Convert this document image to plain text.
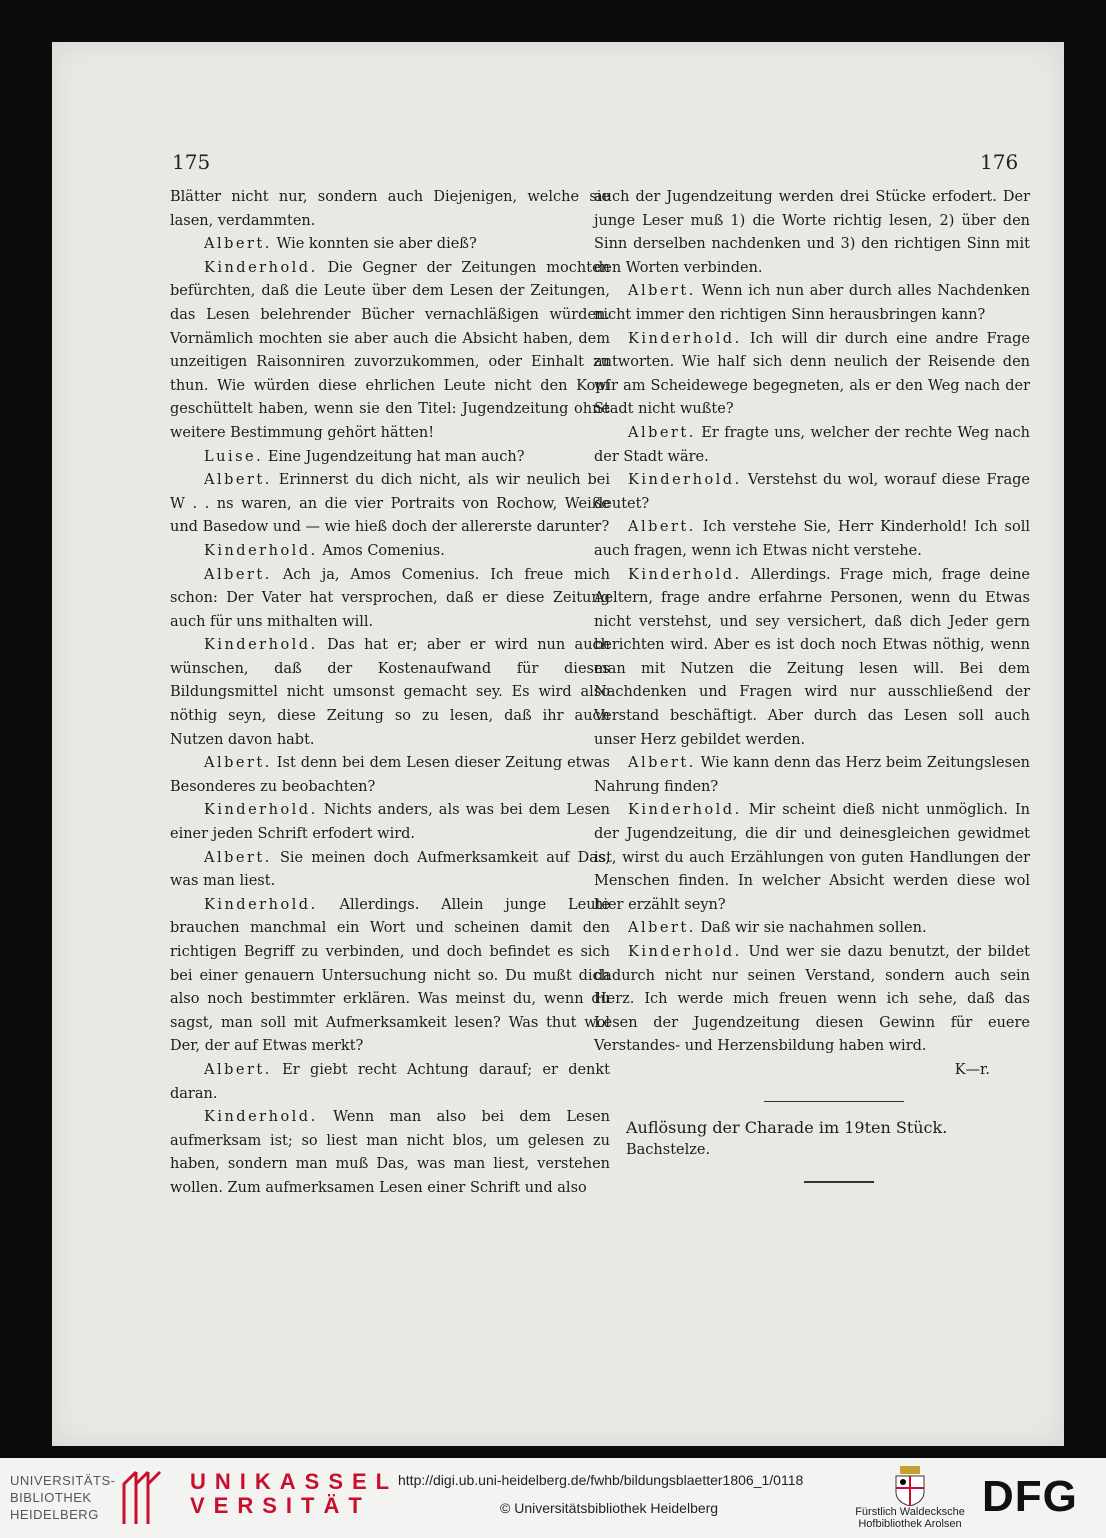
175	176

Blätter nicht nur, sondern auch Diejenigen, welche sie lasen, verdammten.

Albert. Wie konnten sie aber dieß?

Kinderhold. Die Gegner der Zeitungen mochten befürchten, daß die Leute über dem Lesen der Zeitungen, das Lesen belehrender Bücher vernachläßigen würden. Vornämlich mochten sie aber auch die Absicht haben, dem unzeitigen Raisonniren zuvorzukommen, oder Einhalt zu thun. Wie würden diese ehrlichen Leute nicht den Kopf geschüttelt haben, wenn sie den Titel: Jugendzeitung ohne weitere Bestimmung gehört hätten!

Luise. Eine Jugendzeitung hat man auch?

Albert. Erinnerst du dich nicht, als wir neulich bei W . . ns waren, an die vier Portraits von Rochow, Weiße und Basedow und — wie hieß doch der allererste darunter?

Kinderhold. Amos Comenius.

Albert. Ach ja, Amos Comenius. Ich freue mich schon: Der Vater hat versprochen, daß er diese Zeitung auch für uns mithalten will.

Kinderhold. Das hat er; aber er wird nun auch wünschen, daß der Kostenaufwand für dieses Bildungsmittel nicht umsonst gemacht sey. Es wird also nöthig seyn, diese Zeitung so zu lesen, daß ihr auch Nutzen davon habt.

Albert. Ist denn bei dem Lesen dieser Zeitung etwas Besonderes zu beobachten?

Kinderhold. Nichts anders, als was bei dem Lesen einer jeden Schrift erfodert wird.

Albert. Sie meinen doch Aufmerksamkeit auf Das, was man liest.

Kinderhold. Allerdings. Allein junge Leute brauchen manchmal ein Wort und scheinen damit den richtigen Begriff zu verbinden, und doch befindet es sich bei einer genauern Untersuchung nicht so. Du mußt dich also noch bestimmter erklären. Was meinst du, wenn du sagst, man soll mit Aufmerksamkeit lesen? Was thut wol Der, der auf Etwas merkt?

Albert. Er giebt recht Achtung darauf; er denkt daran.

Kinderhold. Wenn man also bei dem Lesen aufmerksam ist; so liest man nicht blos, um gelesen zu haben, sondern man muß Das, was man liest, verstehen wollen. Zum aufmerksamen Lesen einer Schrift und also

auch der Jugendzeitung werden drei Stücke erfodert. Der junge Leser muß 1) die Worte richtig lesen, 2) über den Sinn derselben nachdenken und 3) den richtigen Sinn mit den Worten verbinden.

Albert. Wenn ich nun aber durch alles Nachdenken nicht immer den richtigen Sinn herausbringen kann?

Kinderhold. Ich will dir durch eine andre Frage antworten. Wie half sich denn neulich der Reisende den wir am Scheidewege begegneten, als er den Weg nach der Stadt nicht wußte?

Albert. Er fragte uns, welcher der rechte Weg nach der Stadt wäre.

Kinderhold. Verstehst du wol, worauf diese Frage deutet?

Albert. Ich verstehe Sie, Herr Kinderhold! Ich soll auch fragen, wenn ich Etwas nicht verstehe.

Kinderhold. Allerdings. Frage mich, frage deine Aeltern, frage andre erfahrne Personen, wenn du Etwas nicht verstehst, und sey versichert, daß dich Jeder gern berichten wird. Aber es ist doch noch Etwas nöthig, wenn man mit Nutzen die Zeitung lesen will. Bei dem Nachdenken und Fragen wird nur ausschließend der Verstand beschäftigt. Aber durch das Lesen soll auch unser Herz gebildet werden.

Albert. Wie kann denn das Herz beim Zeitungslesen Nahrung finden?

Kinderhold. Mir scheint dieß nicht unmöglich. In der Jugendzeitung, die dir und deinesgleichen gewidmet ist, wirst du auch Erzählungen von guten Handlungen der Menschen finden. In welcher Absicht werden diese wol hier erzählt seyn?

Albert. Daß wir sie nachahmen sollen.

Kinderhold. Und wer sie dazu benutzt, der bildet dadurch nicht nur seinen Verstand, sondern auch sein Herz. Ich werde mich freuen wenn ich sehe, daß das Lesen der Jugendzeitung diesen Gewinn für euere Verstandes- und Herzensbildung haben wird.

K—r.

Auflösung der Charade im 19ten Stück.

Bachstelze.

UNIVERSITÄTS-
BIBLIOTHEK
HEIDELBERG
UNIKASSEL
VERSITÄT
http://digi.ub.uni-heidelberg.de/fwhb/bildungsblaetter1806_1/0118
© Universitätsbibliothek Heidelberg	Fürstlich Waldecksche
Hofbibliothek Arolsen
DFG
